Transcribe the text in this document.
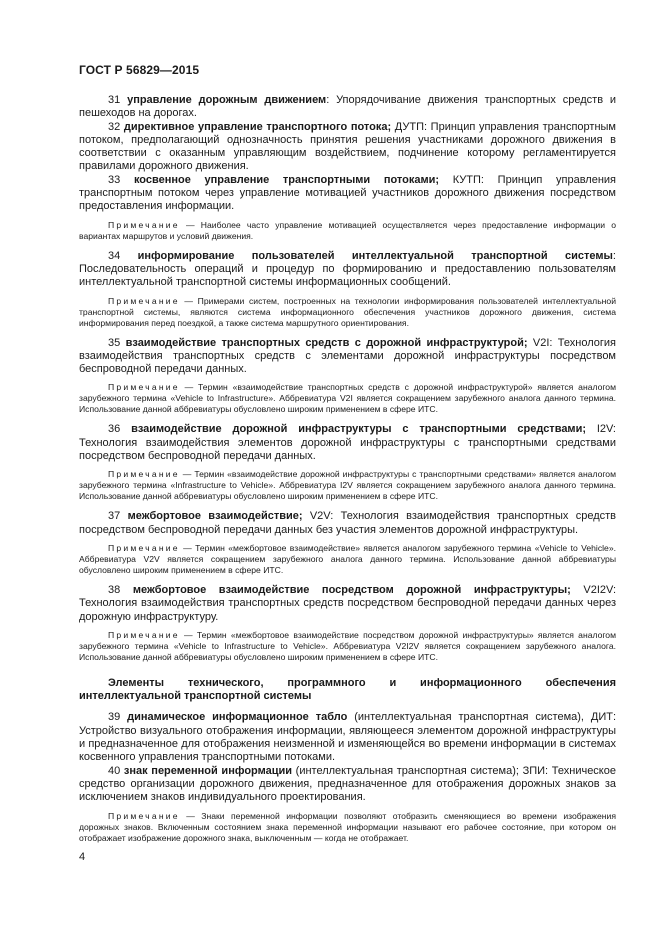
ГОСТ Р 56829—2015

31 управление дорожным движением: Упорядочивание движения транспортных средств и пешеходов на дорогах.

32 директивное управление транспортного потока; ДУТП: Принцип управления транспортным потоком, предполагающий однозначность принятия решения участниками дорожного движения в соответствии с оказанным управляющим воздействием, подчинение которому регламентируется правилами дорожного движения.

33 косвенное управление транспортными потоками; КУТП: Принцип управления транспортным потоком через управление мотивацией участников дорожного движения посредством предоставления информации.

Примечание — Наиболее часто управление мотивацией осуществляется через предоставление информации о вариантах маршрутов и условий движения.

34 информирование пользователей интеллектуальной транспортной системы: Последовательность операций и процедур по формированию и предоставлению пользователям интеллектуальной транспортной системы информационных сообщений.

Примечание — Примерами систем, построенных на технологии информирования пользователей интеллектуальной транспортной системы, являются система информационного обеспечения участников дорожного движения, система информирования перед поездкой, а также система маршрутного ориентирования.

35 взаимодействие транспортных средств с дорожной инфраструктурой; V2I: Технология взаимодействия транспортных средств с элементами дорожной инфраструктуры посредством беспроводной передачи данных.

Примечание — Термин «взаимодействие транспортных средств с дорожной инфраструктурой» является аналогом зарубежного термина «Vehicle to Infrastructure». Аббревиатура V2I является сокращением зарубежного аналога данного термина. Использование данной аббревиатуры обусловлено широким применением в сфере ИТС.

36 взаимодействие дорожной инфраструктуры с транспортными средствами; I2V: Технология взаимодействия элементов дорожной инфраструктуры с транспортными средствами посредством беспроводной передачи данных.

Примечание — Термин «взаимодействие дорожной инфраструктуры с транспортными средствами» является аналогом зарубежного термина «Infrastructure to Vehicle». Аббревиатура I2V является сокращением зарубежного аналога данного термина. Использование данной аббревиатуры обусловлено широким применением в сфере ИТС.

37 межбортовое взаимодействие; V2V: Технология взаимодействия транспортных средств посредством беспроводной передачи данных без участия элементов дорожной инфраструктуры.

Примечание — Термин «межбортовое взаимодействие» является аналогом зарубежного термина «Vehicle to Vehicle». Аббревиатура V2V является сокращением зарубежного аналога данного термина. Использование данной аббревиатуры обусловлено широким применением в сфере ИТС.

38 межбортовое взаимодействие посредством дорожной инфраструктуры; V2I2V: Технология взаимодействия транспортных средств посредством беспроводной передачи данных через дорожную инфраструктуру.

Примечание — Термин «межбортовое взаимодействие посредством дорожной инфраструктуры» является аналогом зарубежного термина «Vehicle to Infrastructure to Vehicle». Аббревиатура V2I2V является сокращением зарубежного аналога. Использование данной аббревиатуры обусловлено широким применением в сфере ИТС.

Элементы технического, программного и информационного обеспечения интеллектуальной транспортной системы

39 динамическое информационное табло (интеллектуальная транспортная система), ДИТ: Устройство визуального отображения информации, являющееся элементом дорожной инфраструктуры и предназначенное для отображения неизменной и изменяющейся во времени информации в системах косвенного управления транспортными потоками.

40 знак переменной информации (интеллектуальная транспортная система); ЗПИ: Техническое средство организации дорожного движения, предназначенное для отображения дорожных знаков за исключением знаков индивидуального проектирования.

Примечание — Знаки переменной информации позволяют отобразить сменяющиеся во времени изображения дорожных знаков. Включенным состоянием знака переменной информации называют его рабочее состояние, при котором он отображает изображение дорожного знака, выключенным — когда не отображает.

4
